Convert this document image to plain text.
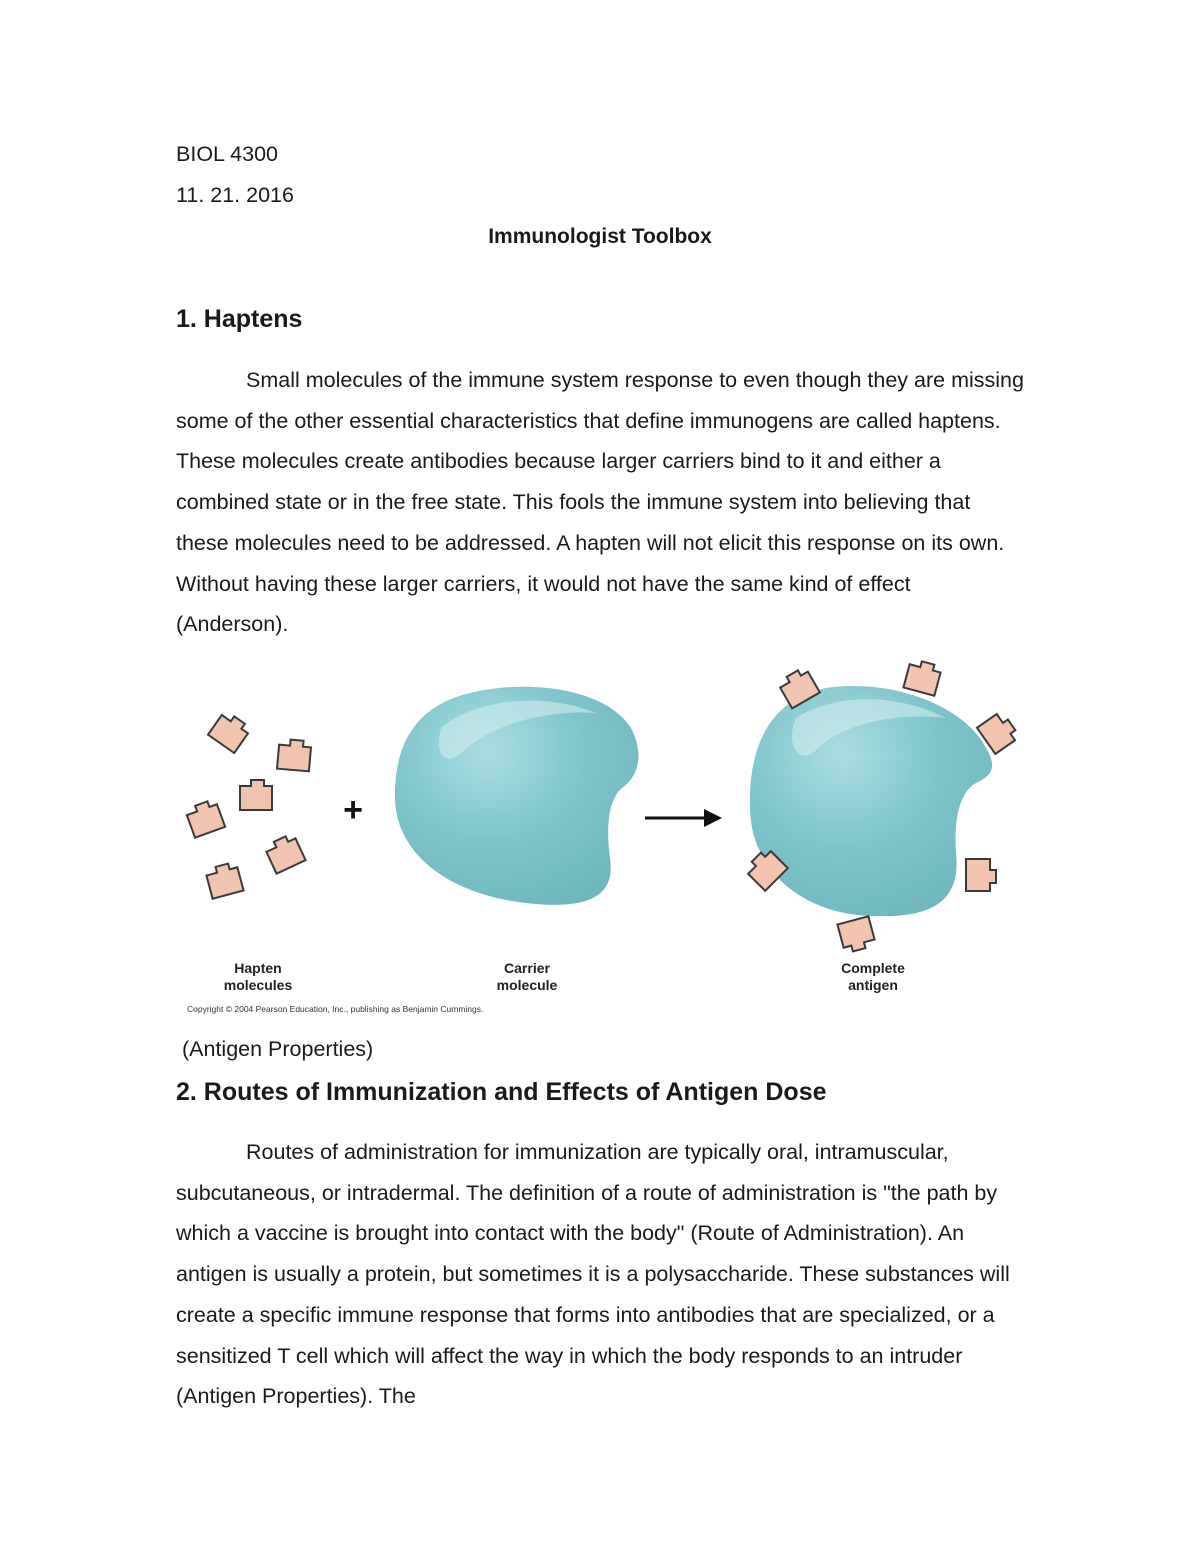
BIOL 4300
11. 21. 2016
Immunologist Toolbox
1. Haptens

Small molecules of the immune system response to even though they are missing some of the other essential characteristics that define immunogens are called haptens. These molecules create antibodies because larger carriers bind to it and either a combined state or in the free state. This fools the immune system into believing that these molecules need to be addressed. A hapten will not elicit this response on its own. Without having these larger carriers, it would not have the same kind of effect (Anderson).

+
Hapten
molecules
Carrier
molecule
Complete
antigen
Copyright © 2004 Pearson Education, Inc., publishing as Benjamin Cummings.
(Antigen Properties)
2. Routes of Immunization and Effects of Antigen Dose

Routes of administration for immunization are typically oral, intramuscular, subcutaneous, or intradermal. The definition of a route of administration is "the path by which a vaccine is brought into contact with the body" (Route of Administration). An antigen is usually a protein, but sometimes it is a polysaccharide. These substances will create a specific immune response that forms into antibodies that are specialized, or a sensitized T cell which will affect the way in which the body responds to an intruder (Antigen Properties). The
